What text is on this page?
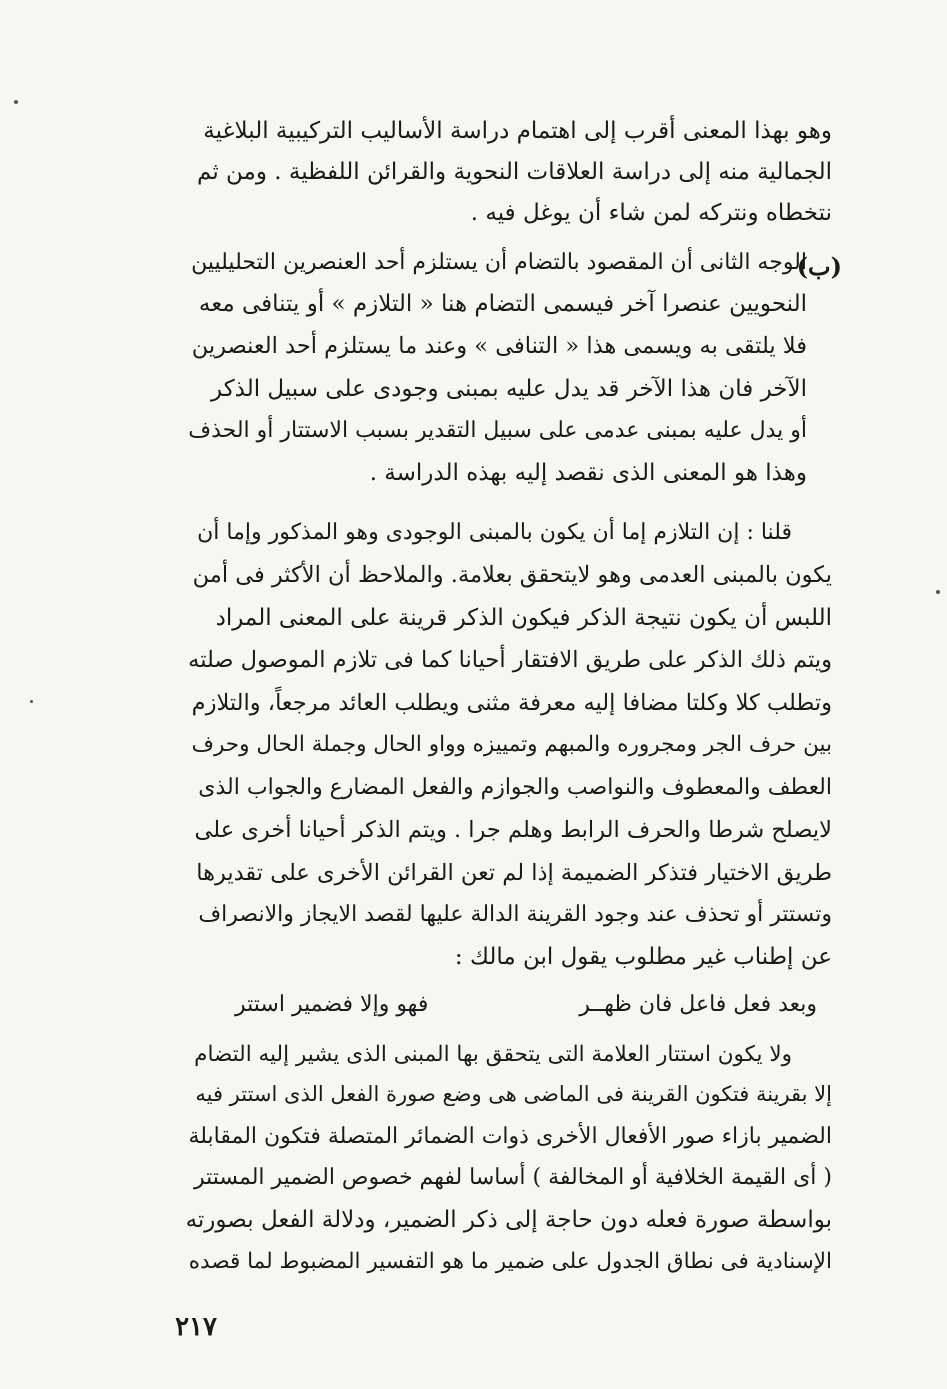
وهو بهذا المعنى أقرب إلى اهتمام دراسة الأساليب التركيبية البلاغية
الجمالية منه إلى دراسة العلاقات النحوية والقرائن اللفظية . ومن ثم
نتخطاه ونتركه لمن شاء أن يوغل فيه .
(ب)
الوجه الثانى أن المقصود بالتضام أن يستلزم أحد العنصرين التحليليين
النحويين عنصرا آخر فيسمى التضام هنا « التلازم » أو يتنافى معه
فلا يلتقى به ويسمى هذا « التنافى » وعند ما يستلزم أحد العنصرين
الآخر فان هذا الآخر قد يدل عليه بمبنى وجودى على سبيل الذكر
أو يدل عليه بمبنى عدمى على سبيل التقدير بسبب الاستتار أو الحذف
وهذا هو المعنى الذى نقصد إليه بهذه الدراسة .
قلنا : إن التلازم إما أن يكون بالمبنى الوجودى وهو المذكور وإما أن
يكون بالمبنى العدمى وهو لايتحقق بعلامة. والملاحظ أن الأكثر فى أمن
اللبس أن يكون نتيجة الذكر فيكون الذكر قرينة على المعنى المراد
ويتم ذلك الذكر على طريق الافتقار أحيانا كما فى تلازم الموصول صلته
وتطلب كلا وكلتا مضافا إليه معرفة مثنى ويطلب العائد مرجعاً، والتلازم
بين حرف الجر ومجروره والمبهم وتمييزه وواو الحال وجملة الحال وحرف
العطف والمعطوف والنواصب والجوازم والفعل المضارع والجواب الذى
لايصلح شرطا والحرف الرابط وهلم جرا . ويتم الذكر أحيانا أخرى على
طريق الاختيار فتذكر الضميمة إذا لم تعن القرائن الأخرى على تقديرها
وتستتر أو تحذف عند وجود القرينة الدالة عليها لقصد الايجاز والانصراف
عن إطناب غير مطلوب يقول ابن مالك :
وبعد فعل فاعل فان ظهــر
فهو وإلا فضمير استتر
ولا يكون استتار العلامة التى يتحقق بها المبنى الذى يشير إليه التضام
إلا بقرينة فتكون القرينة فى الماضى هى وضع صورة الفعل الذى استتر فيه
الضمير بازاء صور الأفعال الأخرى ذوات الضمائر المتصلة فتكون المقابلة
( أى القيمة الخلافية أو المخالفة ) أساسا لفهم خصوص الضمير المستتر
بواسطة صورة فعله دون حاجة إلى ذكر الضمير، ودلالة الفعل بصورته
الإسنادية فى نطاق الجدول على ضمير ما هو التفسير المضبوط لما قصده
٢١٧
